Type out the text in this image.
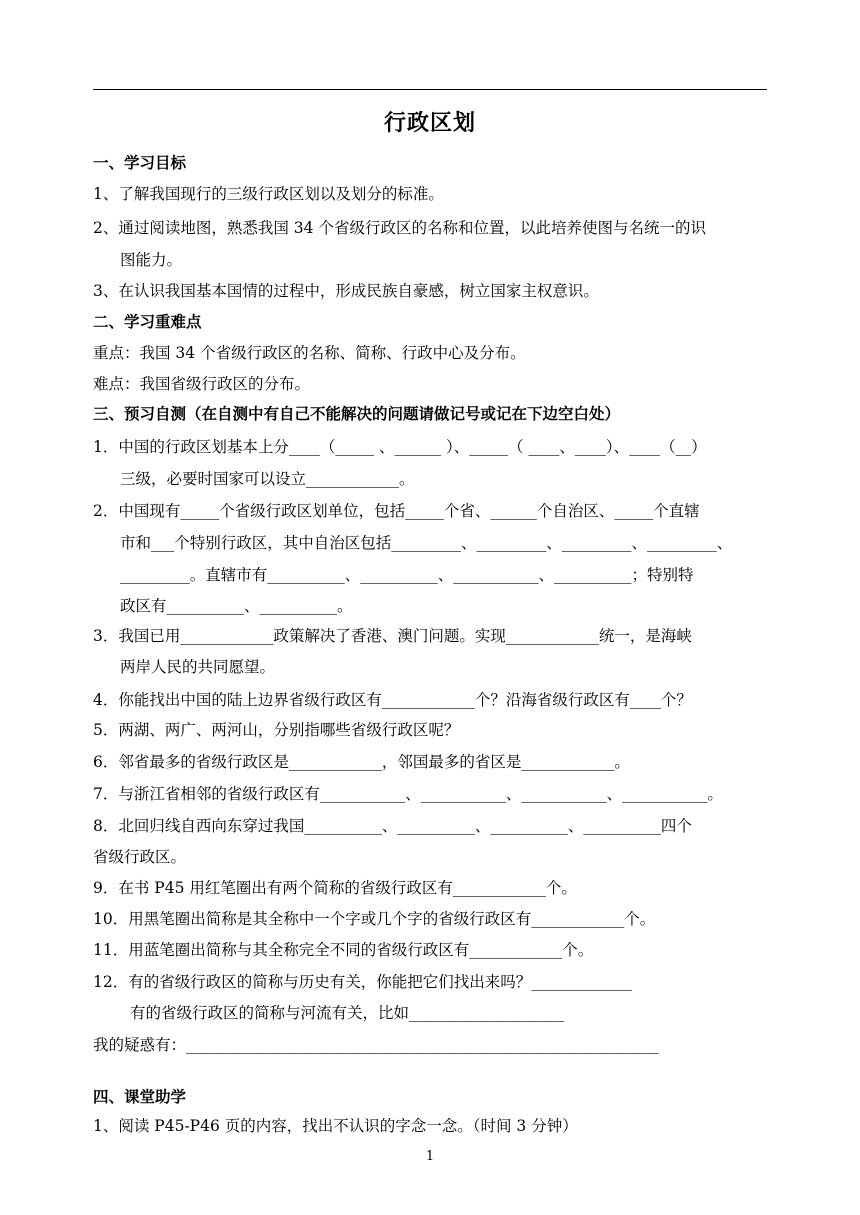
行政区划
一、学习目标
1、了解我国现行的三级行政区划以及划分的标准。
2、通过阅读地图，熟悉我国 34 个省级行政区的名称和位置，以此培养使图与名统一的识
图能力。
3、在认识我国基本国情的过程中，形成民族自豪感，树立国家主权意识。
二、学习重难点
重点：我国 34 个省级行政区的名称、简称、行政中心及分布。
难点：我国省级行政区的分布。
三、预习自测（在自测中有自己不能解决的问题请做记号或记在下边空白处）
1．中国的行政区划基本上分____（_____ 、______ ）、_____（ ____、____）、____（__）
三级，必要时国家可以设立____________。
2．中国现有_____个省级行政区划单位，包括_____个省、______个自治区、_____个直辖
市和___个特别行政区，其中自治区包括_________、_________、_________、_________、
_________。直辖市有__________、__________、___________、__________；特别特
政区有__________、__________。
3．我国已用____________政策解决了香港、澳门问题。实现____________统一，是海峡
两岸人民的共同愿望。
4．你能找出中国的陆上边界省级行政区有____________个？沿海省级行政区有____个？
5．两湖、两广、两河山，分别指哪些省级行政区呢？
6．邻省最多的省级行政区是____________，邻国最多的省区是____________。
7．与浙江省相邻的省级行政区有___________、___________、___________、___________。
8．北回归线自西向东穿过我国__________、__________、__________、__________四个
省级行政区。
9．在书 P45 用红笔圈出有两个简称的省级行政区有____________个。
10．用黑笔圈出简称是其全称中一个字或几个字的省级行政区有____________个。
11．用蓝笔圈出简称与其全称完全不同的省级行政区有____________个。
12．有的省级行政区的简称与历史有关，你能把它们找出来吗？_____________
有的省级行政区的简称与河流有关，比如____________________
我的疑惑有：_____________________________________________________________
四、课堂助学
1、阅读 P45-P46 页的内容，找出不认识的字念一念。（时间 3 分钟）
1
